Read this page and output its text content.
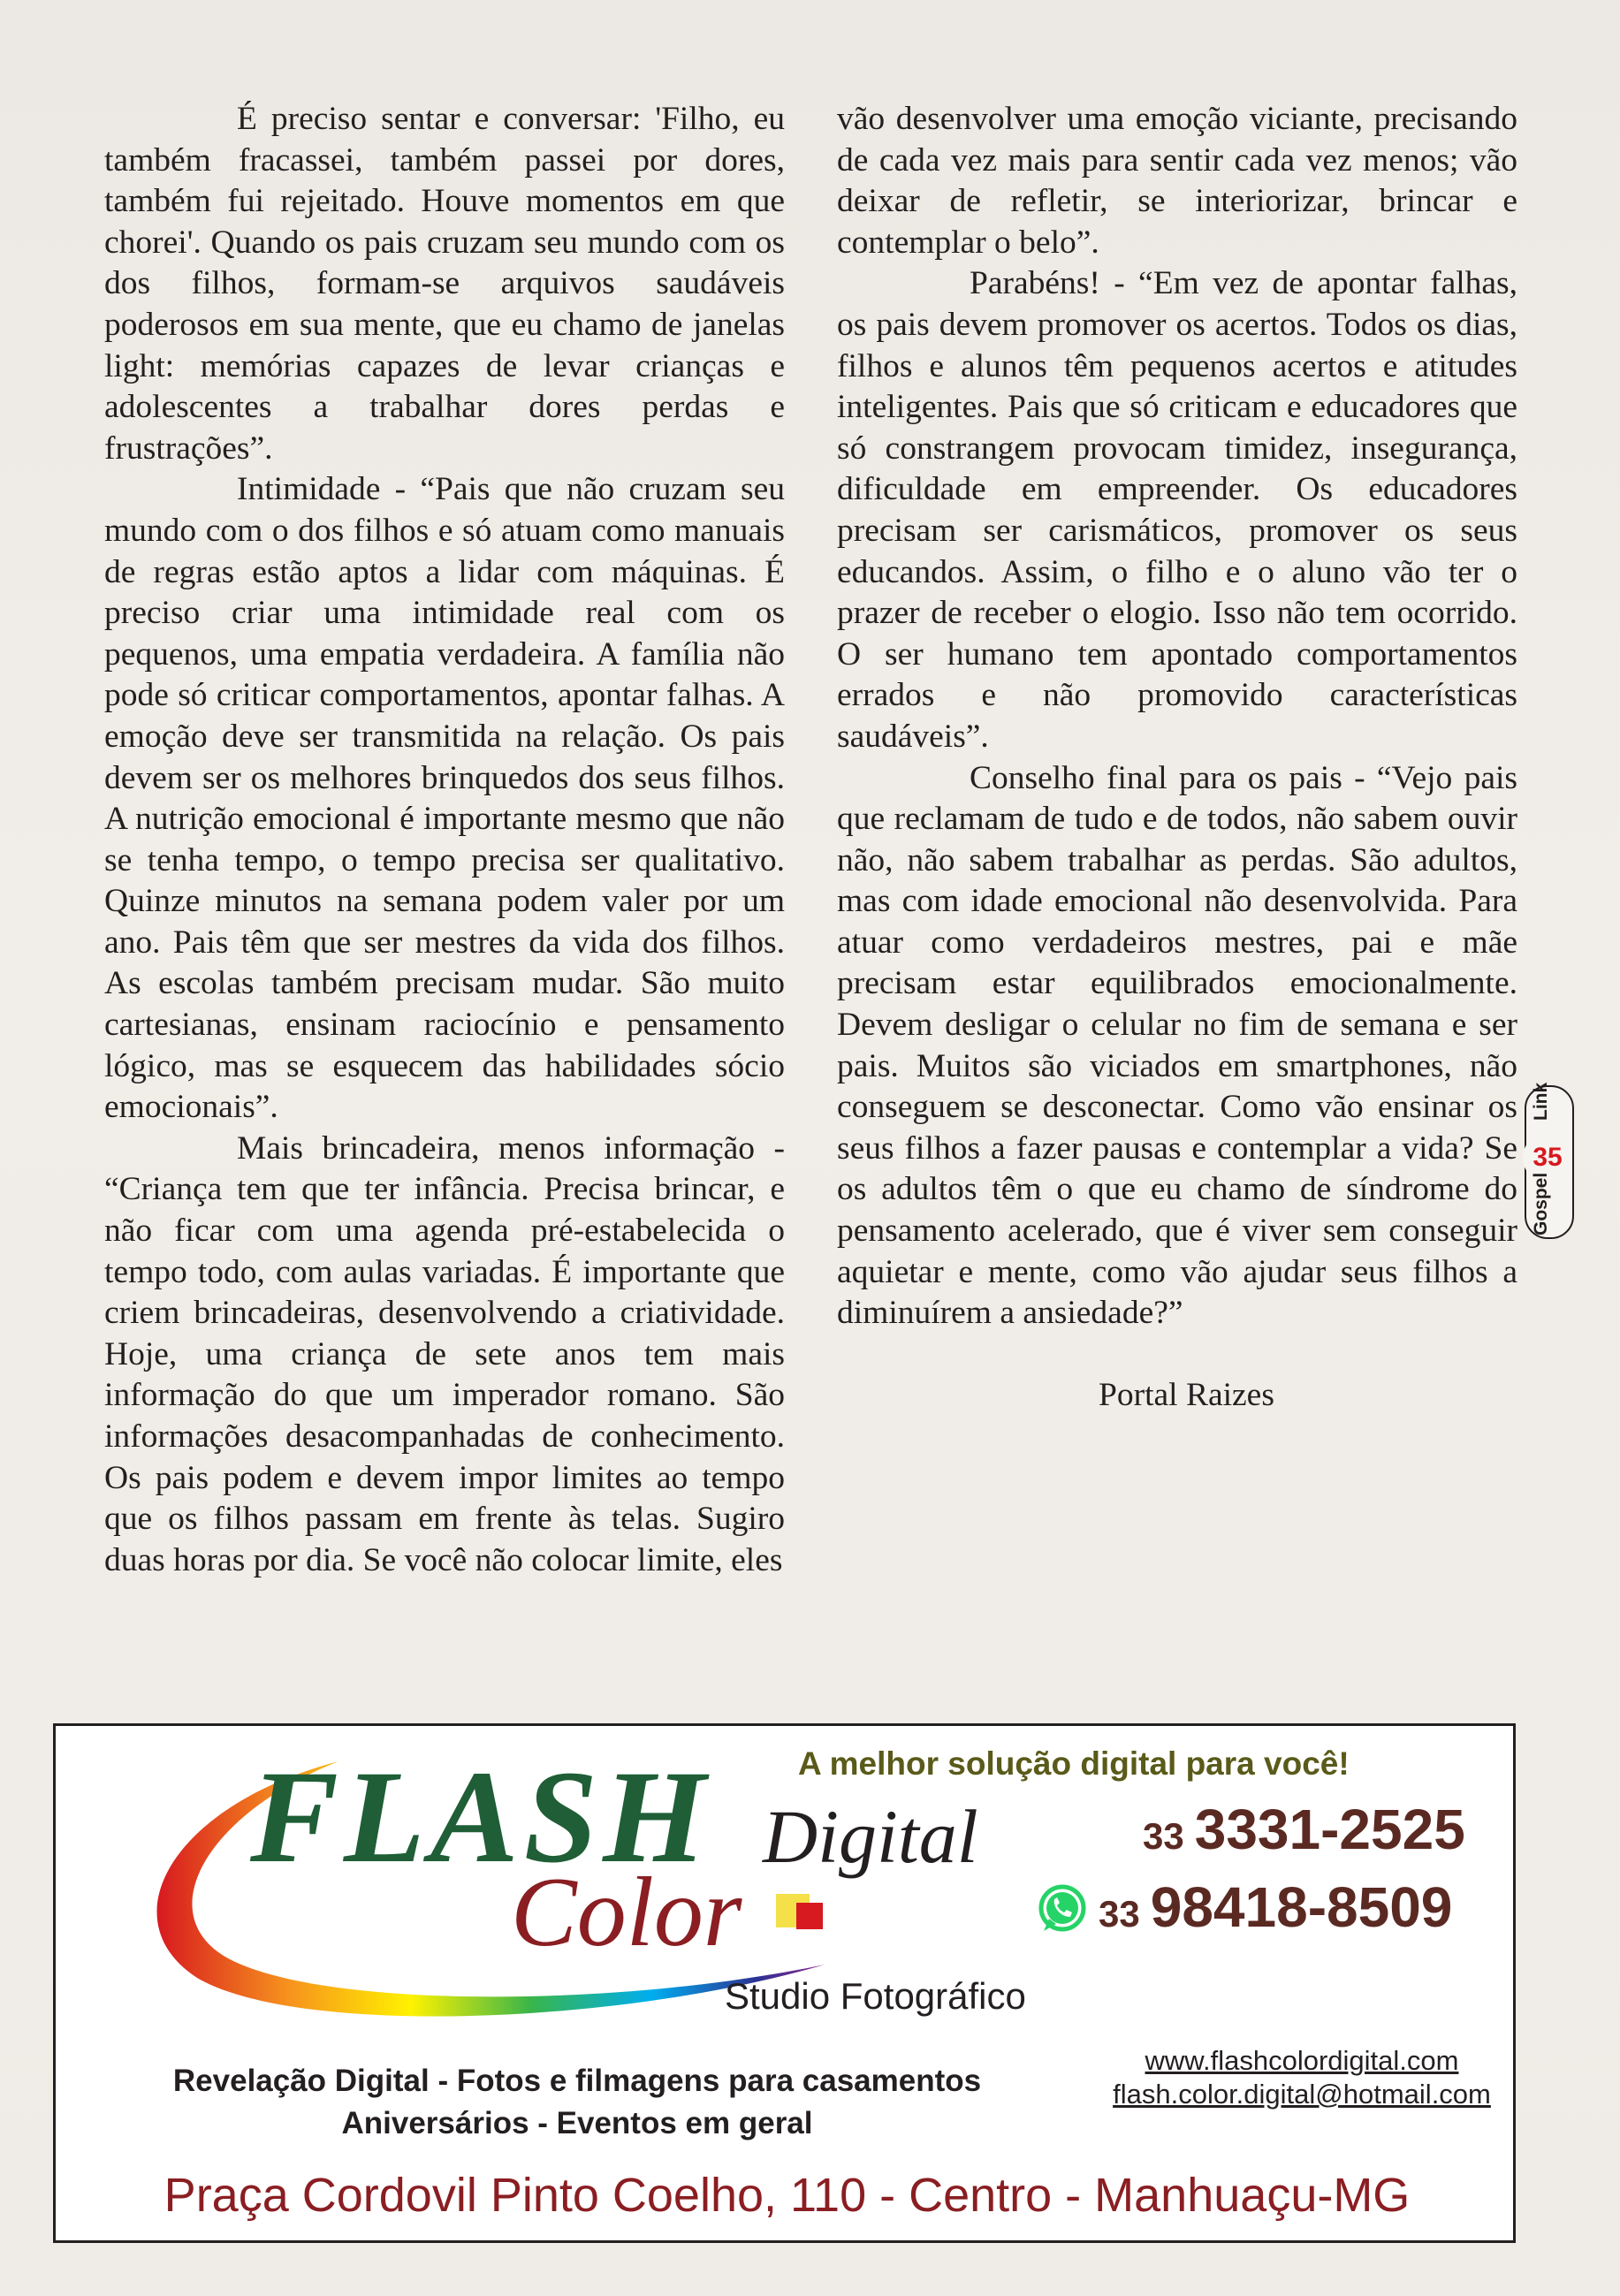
É preciso sentar e conversar: 'Filho, eu também fracassei, também passei por dores, também fui rejeitado. Houve momentos em que chorei'. Quando os pais cruzam seu mundo com os dos filhos, formam-se arquivos saudáveis poderosos em sua mente, que eu chamo de janelas light: memórias capazes de levar crianças e adolescentes a trabalhar dores perdas e frustrações”.

Intimidade - “Pais que não cruzam seu mundo com o dos filhos e só atuam como manuais de regras estão aptos a lidar com máquinas. É preciso criar uma intimidade real com os pequenos, uma empatia verdadeira. A família não pode só criticar comportamentos, apontar falhas. A emoção deve ser transmitida na relação. Os pais devem ser os melhores brinquedos dos seus filhos. A nutrição emocional é importante mesmo que não se tenha tempo, o tempo precisa ser qualitativo. Quinze minutos na semana podem valer por um ano. Pais têm que ser mestres da vida dos filhos. As escolas também precisam mudar. São muito cartesianas, ensinam raciocínio e pensamento lógico, mas se esquecem das habilidades sócio emocionais”.

Mais brincadeira, menos informação - “Criança tem que ter infância. Precisa brincar, e não ficar com uma agenda pré-estabelecida o tempo todo, com aulas variadas. É importante que criem brincadeiras, desenvolvendo a criatividade. Hoje, uma criança de sete anos tem mais informação do que um imperador romano. São informações desacompanhadas de conhecimento. Os pais podem e devem impor limites ao tempo que os filhos passam em frente às telas. Sugiro duas horas por dia. Se você não colocar limite, eles

vão desenvolver uma emoção viciante, precisando de cada vez mais para sentir cada vez menos; vão deixar de refletir, se interiorizar, brincar e contemplar o belo”.

Parabéns! - “Em vez de apontar falhas, os pais devem promover os acertos. Todos os dias, filhos e alunos têm pequenos acertos e atitudes inteligentes. Pais que só criticam e educadores que só constrangem provocam timidez, insegurança, dificuldade em empreender. Os educadores precisam ser carismáticos, promover os seus educandos. Assim, o filho e o aluno vão ter o prazer de receber o elogio. Isso não tem ocorrido. O ser humano tem apontado comportamentos errados e não promovido características saudáveis”.

Conselho final para os pais - “Vejo pais que reclamam de tudo e de todos, não sabem ouvir não, não sabem trabalhar as perdas. São adultos, mas com idade emocional não desenvolvida. Para atuar como verdadeiros mestres, pai e mãe precisam estar equilibrados emocionalmente. Devem desligar o celular no fim de semana e ser pais. Muitos são viciados em smartphones, não conseguem se desconectar. Como vão ensinar os seus filhos a fazer pausas e contemplar a vida? Se os adultos têm o que eu chamo de síndrome do pensamento acelerado, que é viver sem conseguir aquietar e mente, como vão ajudar seus filhos a diminuírem a ansiedade?”

Portal Raizes

Link
35
Gospel
FLASH
Color
Digital
Studio Fotográfico
A melhor solução digital para você!
33 3331-2525
33 98418-8509
Revelação Digital - Fotos e filmagens para casamentos
Aniversários - Eventos em geral
www.flashcolordigital.com
flash.color.digital@hotmail.com
Praça Cordovil Pinto Coelho, 110 - Centro - Manhuaçu-MG
